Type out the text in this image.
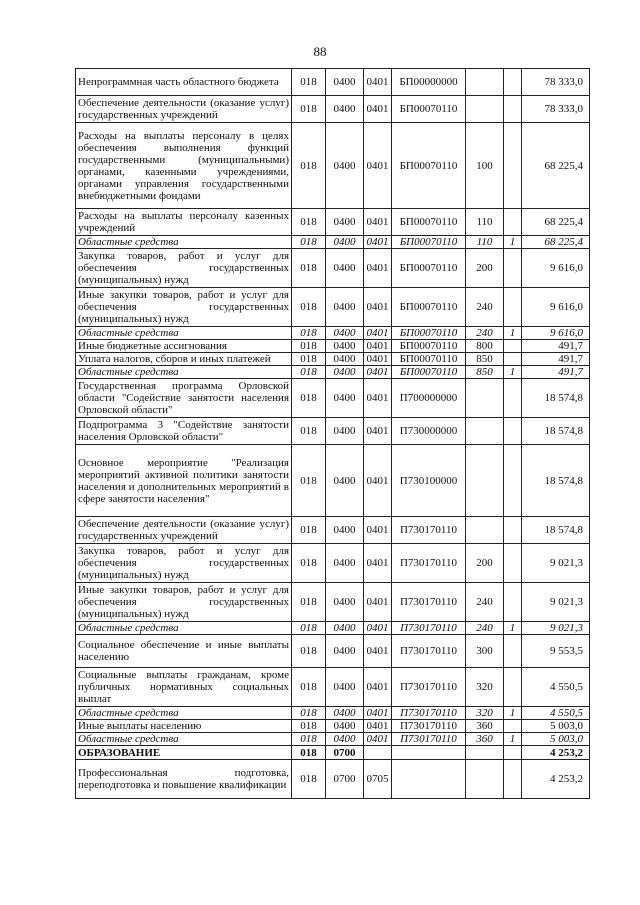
88
Непрограммная часть областного бюджета	018	0400	0401	БП00000000			78 333,0
Обеспечение деятельности (оказание услуг) государственных учреждений	018	0400	0401	БП00070110			78 333,0
Расходы на выплаты персоналу в целях обеспечения выполнения функций государственными (муниципальными) органами, казенными учреждениями, органами управления государственными внебюджетными фондами	018	0400	0401	БП00070110	100		68 225,4
Расходы на выплаты персоналу казенных учреждений	018	0400	0401	БП00070110	110		68 225,4
Областные средства	018	0400	0401	БП00070110	110	1	68 225,4
Закупка товаров, работ и услуг для обеспечения государственных (муниципальных) нужд	018	0400	0401	БП00070110	200		9 616,0
Иные закупки товаров, работ и услуг для обеспечения государственных (муниципальных) нужд	018	0400	0401	БП00070110	240		9 616,0
Областные средства	018	0400	0401	БП00070110	240	1	9 616,0
Иные бюджетные ассигнования	018	0400	0401	БП00070110	800		491,7
Уплата налогов, сборов и иных платежей	018	0400	0401	БП00070110	850		491,7
Областные средства	018	0400	0401	БП00070110	850	1	491,7
Государственная программа Орловской области "Содействие занятости населения Орловской области"	018	0400	0401	П700000000			18 574,8
Подпрограмма 3 "Содействие занятости населения Орловской области"	018	0400	0401	П730000000			18 574,8
Основное мероприятие "Реализация мероприятий активной политики занятости населения и дополнительных мероприятий в сфере занятости населения"	018	0400	0401	П730100000			18 574,8
Обеспечение деятельности (оказание услуг) государственных учреждений	018	0400	0401	П730170110			18 574,8
Закупка товаров, работ и услуг для обеспечения государственных (муниципальных) нужд	018	0400	0401	П730170110	200		9 021,3
Иные закупки товаров, работ и услуг для обеспечения государственных (муниципальных) нужд	018	0400	0401	П730170110	240		9 021,3
Областные средства	018	0400	0401	П730170110	240	1	9 021,3
Социальное обеспечение и иные выплаты населению	018	0400	0401	П730170110	300		9 553,5
Социальные выплаты гражданам, кроме публичных нормативных социальных выплат	018	0400	0401	П730170110	320		4 550,5
Областные средства	018	0400	0401	П730170110	320	1	4 550,5
Иные выплаты населению	018	0400	0401	П730170110	360		5 003,0
Областные средства	018	0400	0401	П730170110	360	1	5 003,0
ОБРАЗОВАНИЕ	018	0700					4 253,2
Профессиональная подготовка, переподготовка и повышение квалификации	018	0700	0705				4 253,2
